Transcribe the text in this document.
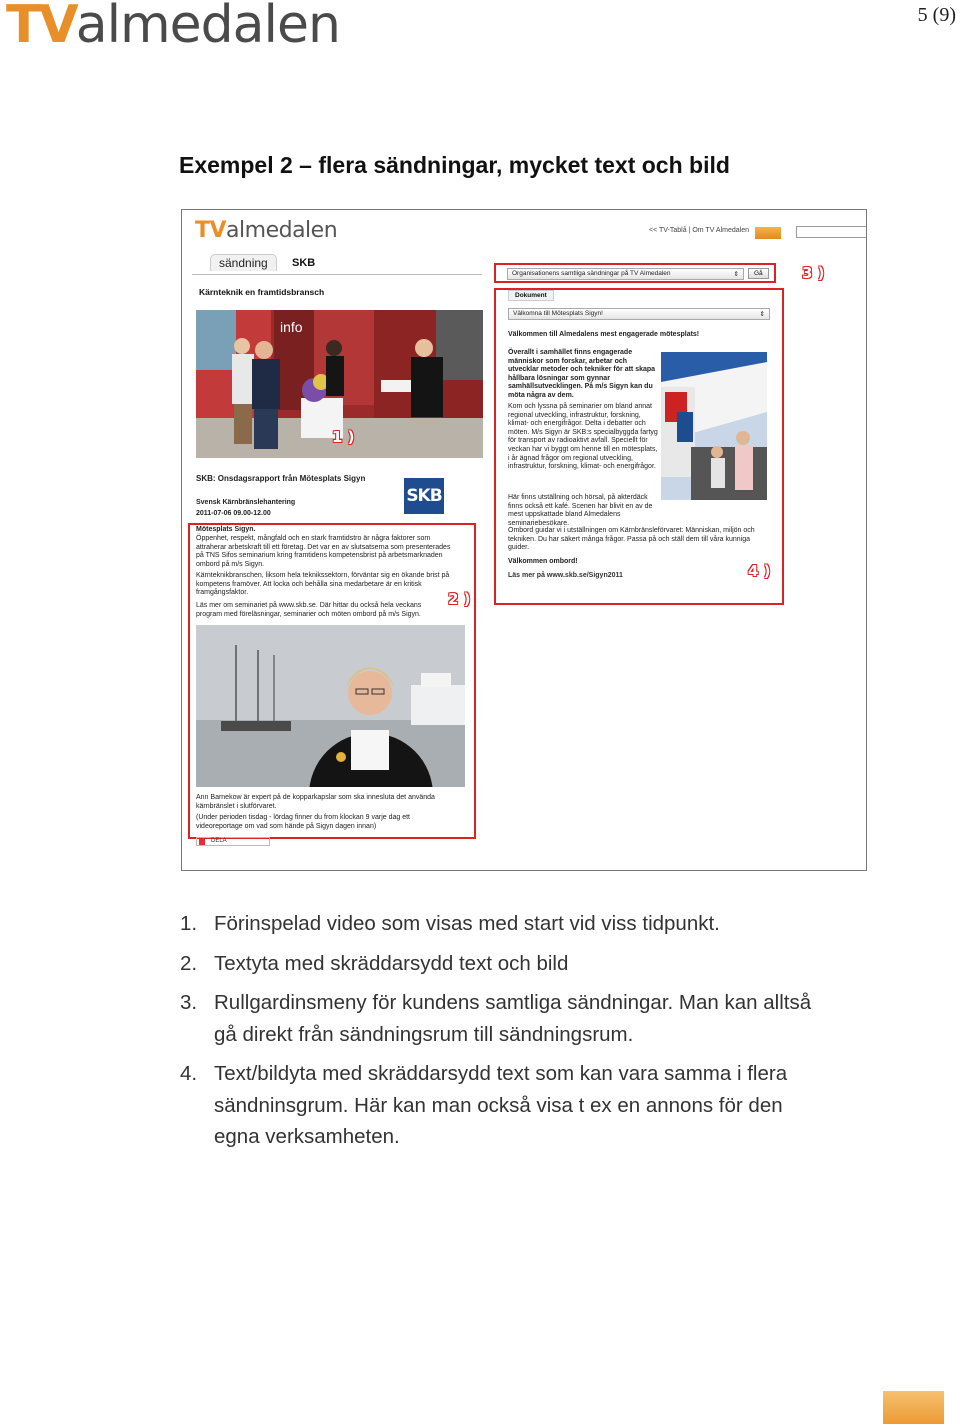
TValmedalen	5 (9)
Exempel 2 – flera sändningar, mycket text och bild
TValmedalen	<< TV-Tablå | Om TV Almedalen
sändning	SKB
Kärnteknik en framtidsbransch
info
1 )
SKB: Onsdagsrapport från Mötesplats Sigyn
Svensk Kärnbränslehantering
2011-07-06 09.00-12.00
SKB
Mötesplats Sigyn.
Öppenhet, respekt, mångfald och en stark framtidstro är några faktorer som attraherar arbetskraft till ett företag. Det var en av slutsatserna som presenterades på TNS Sifos seminarium kring framtidens kompetensbrist på arbetsmarknaden ombord på m/s Sigyn.
Kärnteknikbranschen, liksom hela teknikssektorn, förväntar sig en ökande brist på kompetens framöver. Att locka och behålla sina medarbetare är en kritisk framgångsfaktor.
Läs mer om seminariet på www.skb.se. Där hittar du också hela veckans program med föreläsningar, seminarier och möten ombord på m/s Sigyn.
2 )
Ann Barnekow är expert på de kopparkapslar som ska inneslutа det använda kärnbränslet i slutförvaret.
(Under perioden tisdag - lördag finner du from klockan 9 varje dag ett videoreportage om vad som hände på Sigyn dagen innan)
DELA
Organisationens samtliga sändningar på TV Almedalen	⇕	Gå	3 )
Dokument
Välkomna till Mötesplats Sigyn!	⇕
Välkommen till Almedalens mest engagerade mötesplats!
Överallt i samhället finns engagerade människor som forskar, arbetar och utvecklar metoder och tekniker för att skapa hållbara lösningar som gynnar samhällsutvecklingen. På m/s Sigyn kan du möta några av dem.
Kom och lyssna på seminarier om bland annat regional utveckling, infrastruktur, forskning, klimat- och energifrågor. Delta i debatter och möten. M/s Sigyn är SKB:s specialbyggda fartyg för transport av radioaktivt avfall. Speciellt för veckan har vi byggt om henne till en mötesplats, i år ägnad frågor om regional utveckling, infrastruktur, forskning, klimat- och energifrågor.
Här finns utställning och hörsal, på akterdäck finns också ett kafé. Scenen har blivit en av de mest uppskattade bland Almedalens seminariebesökare.
Ombord guidar vi i utställningen om Kärnbränsleförvaret: Människan, miljön och tekniken. Du har säkert många frågor. Passa på och ställ dem till våra kunniga guider.
Välkommen ombord!
Läs mer på www.skb.se/Sigyn2011	4 )
1. Förinspelad video som visas med start vid viss tidpunkt.
2. Textyta med skräddarsydd text och bild
3. Rullgardinsmeny för kundens samtliga sändningar. Man kan alltså gå direkt från sändningsrum till sändningsrum.
4. Text/bildyta med skräddarsydd text som kan vara samma i flera sändninsgrum. Här kan man också visa t ex en annons för den egna verksamheten.
